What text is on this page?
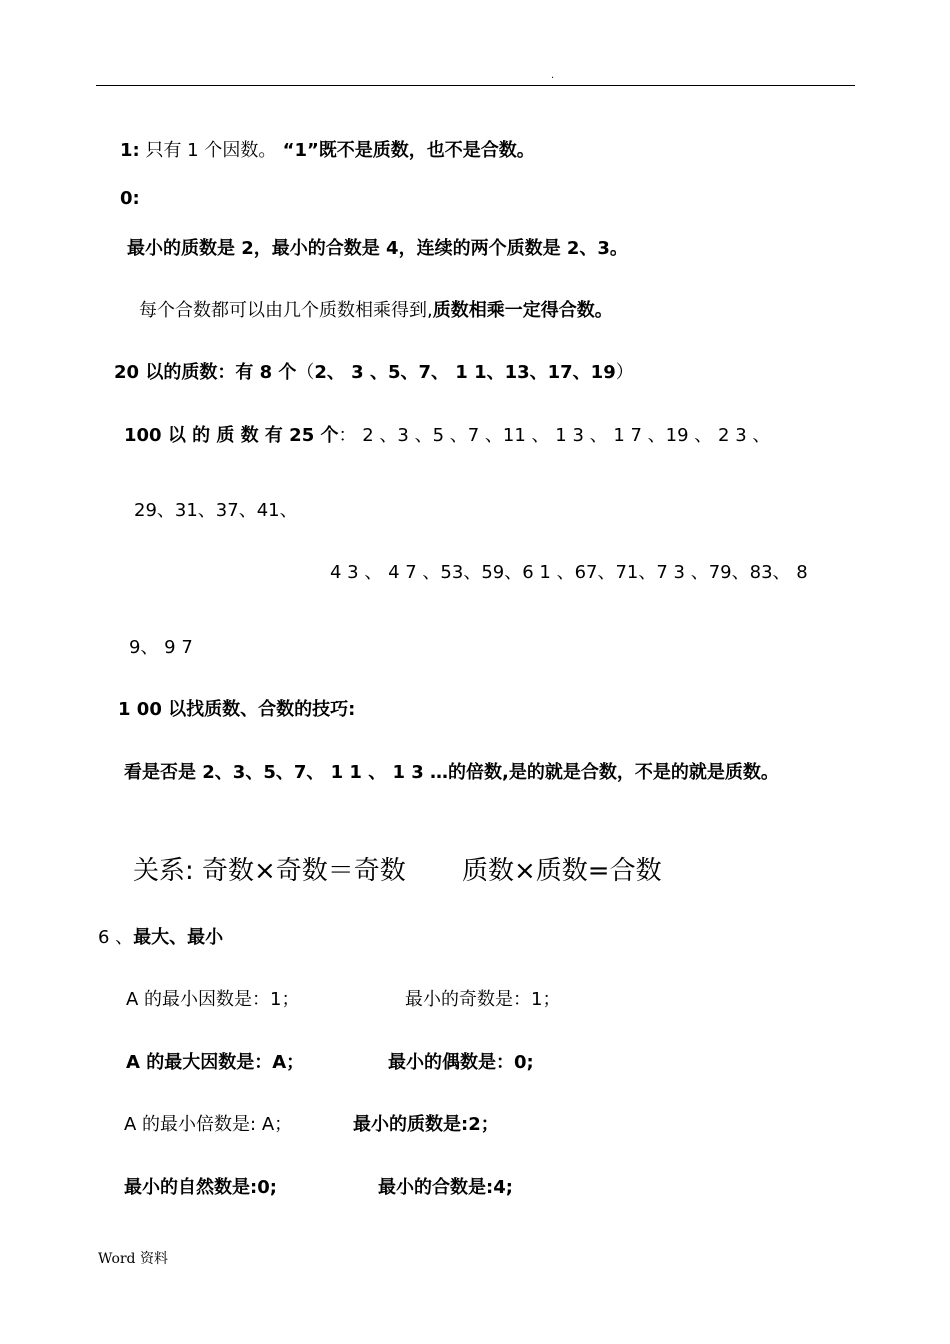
.
1: 只有 1 个因数。 “1”既不是质数，也不是合数。
0:
最小的质数是 2，最小的合数是 4，连续的两个质数是 2、3。
每个合数都可以由几个质数相乘得到,质数相乘一定得合数。
20 以的质数：有 8 个（2、 3 、5、7、 1 1、13、17、19）
100 以 的 质 数 有 25 个： 2 、3 、5 、7 、11 、 1 3 、 1 7 、19 、 2 3 、
29、31、37、41、
4 3 、 4 7 、53、59、6 1 、67、71、7 3 、79、83、 8
9、 9 7
1 00 以找质数、合数的技巧:
看是否是 2、3、5、7、 1 1 、 1 3 …的倍数,是的就是合数，不是的就是质数。
关系: 奇数×奇数＝奇数 质数×质数=合数
6 、最大、最小
A 的最小因数是：1；	最小的奇数是：1；
A 的最大因数是：A；	最小的偶数是：0;
A 的最小倍数是: A；	最小的质数是:2；
最小的自然数是:0;	最小的合数是:4;
Word 资料
